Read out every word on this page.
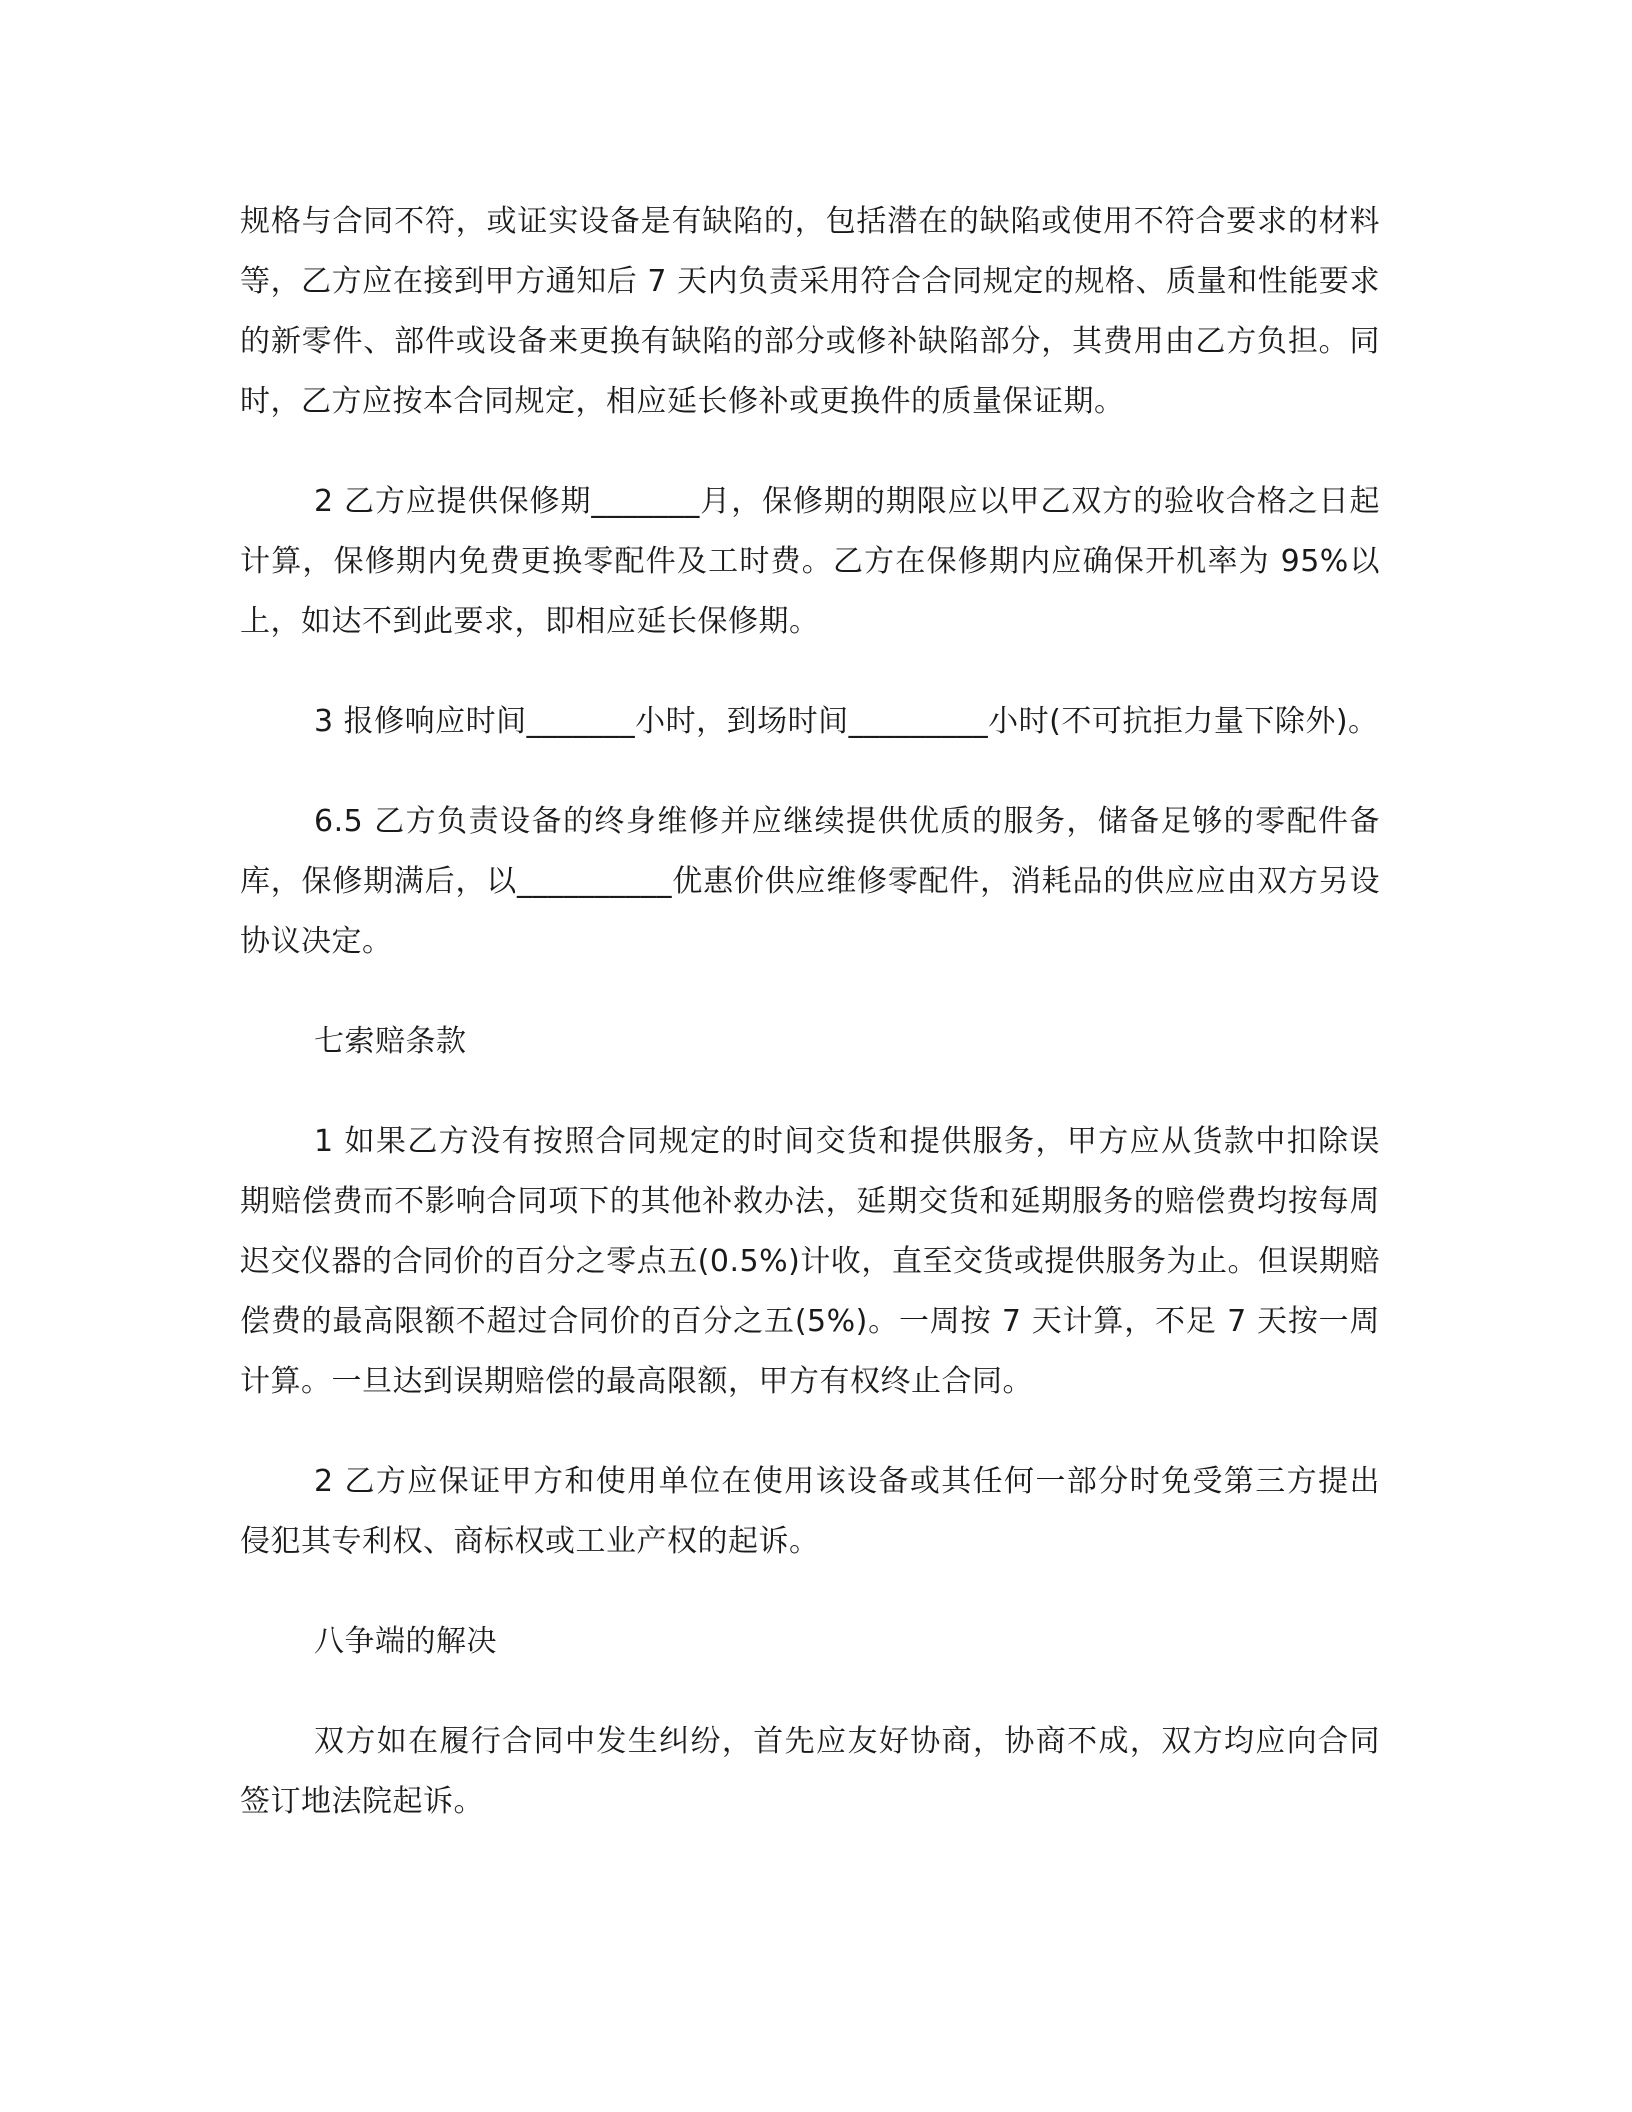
规格与合同不符，或证实设备是有缺陷的，包括潜在的缺陷或使用不符合要求的材料等，乙方应在接到甲方通知后 7 天内负责采用符合合同规定的规格、质量和性能要求的新零件、部件或设备来更换有缺陷的部分或修补缺陷部分，其费用由乙方负担。同时，乙方应按本合同规定，相应延长修补或更换件的质量保证期。

2 乙方应提供保修期_______月，保修期的期限应以甲乙双方的验收合格之日起计算，保修期内免费更换零配件及工时费。乙方在保修期内应确保开机率为 95%以上，如达不到此要求，即相应延长保修期。

3 报修响应时间_______小时，到场时间_________小时(不可抗拒力量下除外)。

6.5 乙方负责设备的终身维修并应继续提供优质的服务，储备足够的零配件备库，保修期满后，以__________优惠价供应维修零配件，消耗品的供应应由双方另设协议决定。

七索赔条款

1 如果乙方没有按照合同规定的时间交货和提供服务，甲方应从货款中扣除误期赔偿费而不影响合同项下的其他补救办法，延期交货和延期服务的赔偿费均按每周迟交仪器的合同价的百分之零点五(0.5%)计收，直至交货或提供服务为止。但误期赔偿费的最高限额不超过合同价的百分之五(5%)。一周按 7 天计算，不足 7 天按一周计算。一旦达到误期赔偿的最高限额，甲方有权终止合同。

2 乙方应保证甲方和使用单位在使用该设备或其任何一部分时免受第三方提出侵犯其专利权、商标权或工业产权的起诉。

八争端的解决

双方如在履行合同中发生纠纷，首先应友好协商，协商不成，双方均应向合同签订地法院起诉。
